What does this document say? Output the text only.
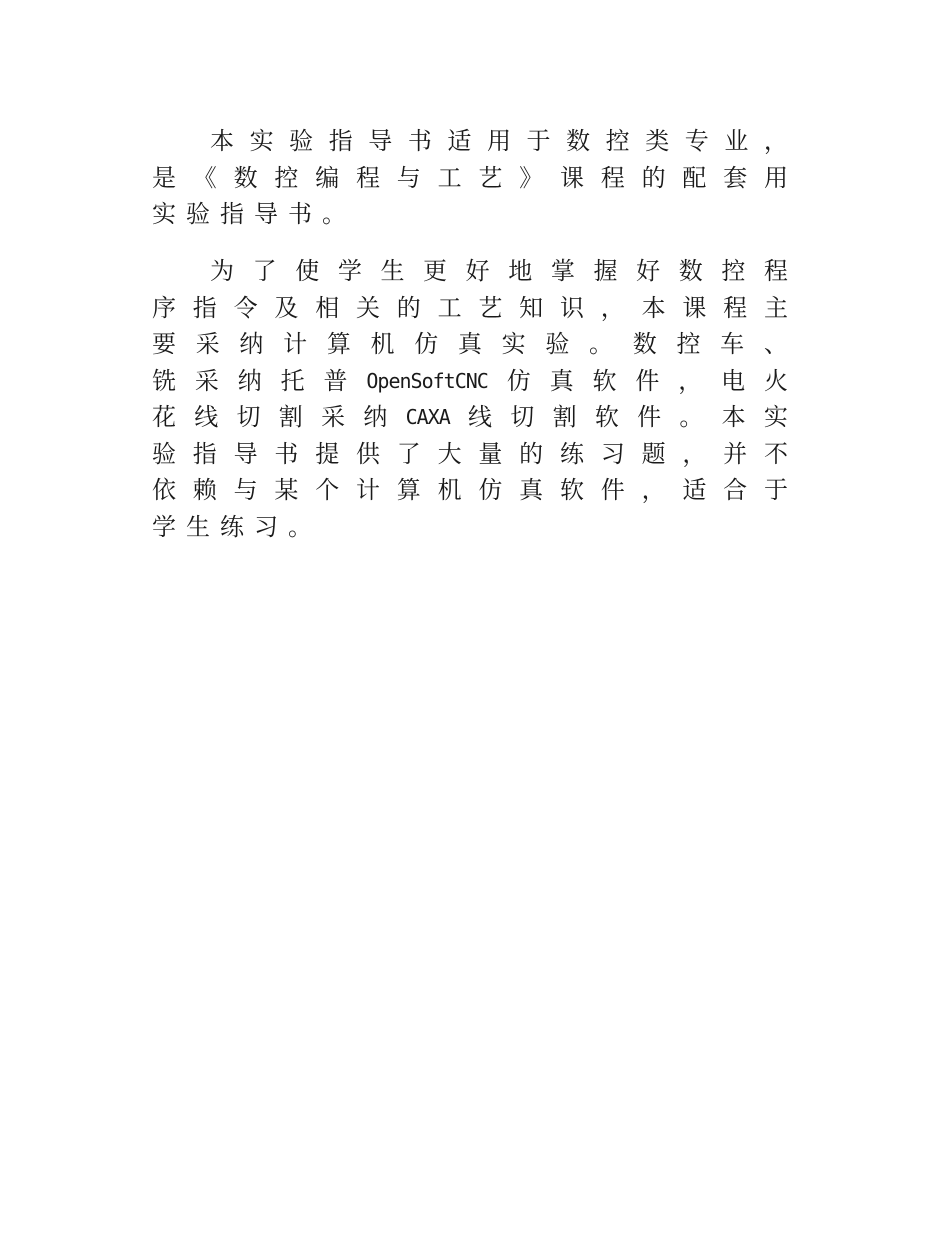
本 实 验 指 导 书 适 用 于 数 控 类 专 业 ，
是 《 数 控 编 程 与 工 艺 》 课 程 的 配 套 用
实 验 指 导 书 。
为 了 使 学 生 更 好 地 掌 握 好 数 控 程
序 指 令 及 相 关 的 工 艺 知 识 ， 本 课 程 主
要 采 纳 计 算 机 仿 真 实 验 。 数 控 车 、
铣 采 纳 托 普 OpenSoftCNC 仿 真 软 件 ， 电 火
花 线 切 割 采 纳 CAXA 线 切 割 软 件 。 本 实
验 指 导 书 提 供 了 大 量 的 练 习 题 ， 并 不
依 赖 与 某 个 计 算 机 仿 真 软 件 ， 适 合 于
学 生 练 习 。
